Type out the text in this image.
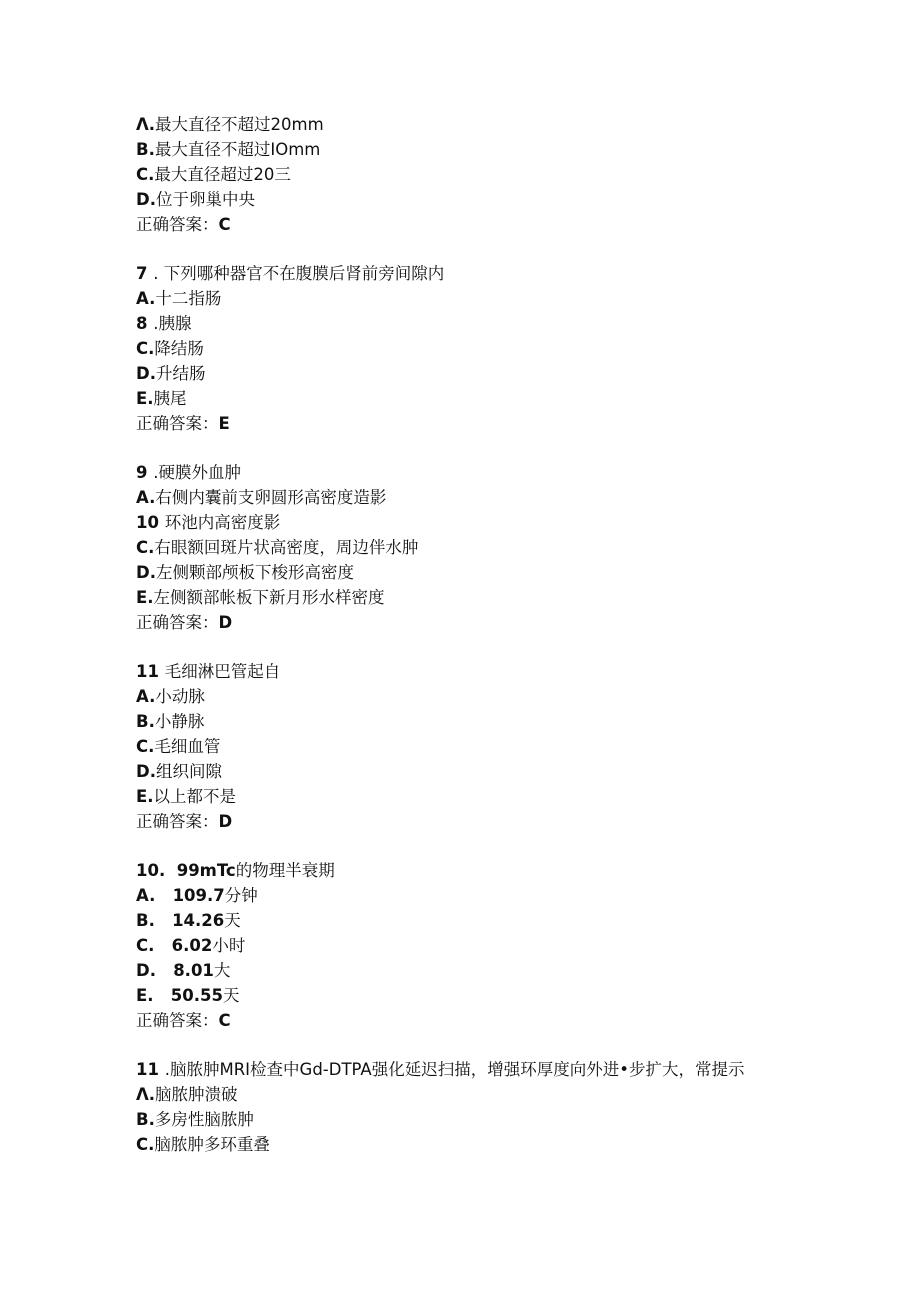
Λ.最大直径不超过20mm
B.最大直径不超过IOmm
C.最大直径超过20三
D.位于卵巢中央
正确答案：C
7 . 下列哪种器官不在腹膜后肾前旁间隙内
A.十二指肠
8 .胰腺
C.降结肠
D.升结肠
E.胰尾
正确答案：E
9 .硬膜外血肿
A.右侧内囊前支卵圆形高密度造影
10 环池内高密度影
C.右眼额回斑片状高密度，周边伴水肿
D.左侧颗部颅板下梭形高密度
E.左侧额部帐板下新月形水样密度
正确答案：D
11 毛细淋巴管起自
A.小动脉
B.小静脉
C.毛细血管
D.组织间隙
E.以上都不是
正确答案：D
10.  99mTc的物理半衰期
A.   109.7分钟
B.   14.26天
C.   6.02小时
D.   8.01大
E.   50.55天
正确答案：C
11 .脑脓肿MRI检查中Gd-DTPA强化延迟扫描，增强环厚度向外进•步扩大，常提示
Λ.脑脓肿溃破
B.多房性脑脓肿
C.脑脓肿多环重叠
